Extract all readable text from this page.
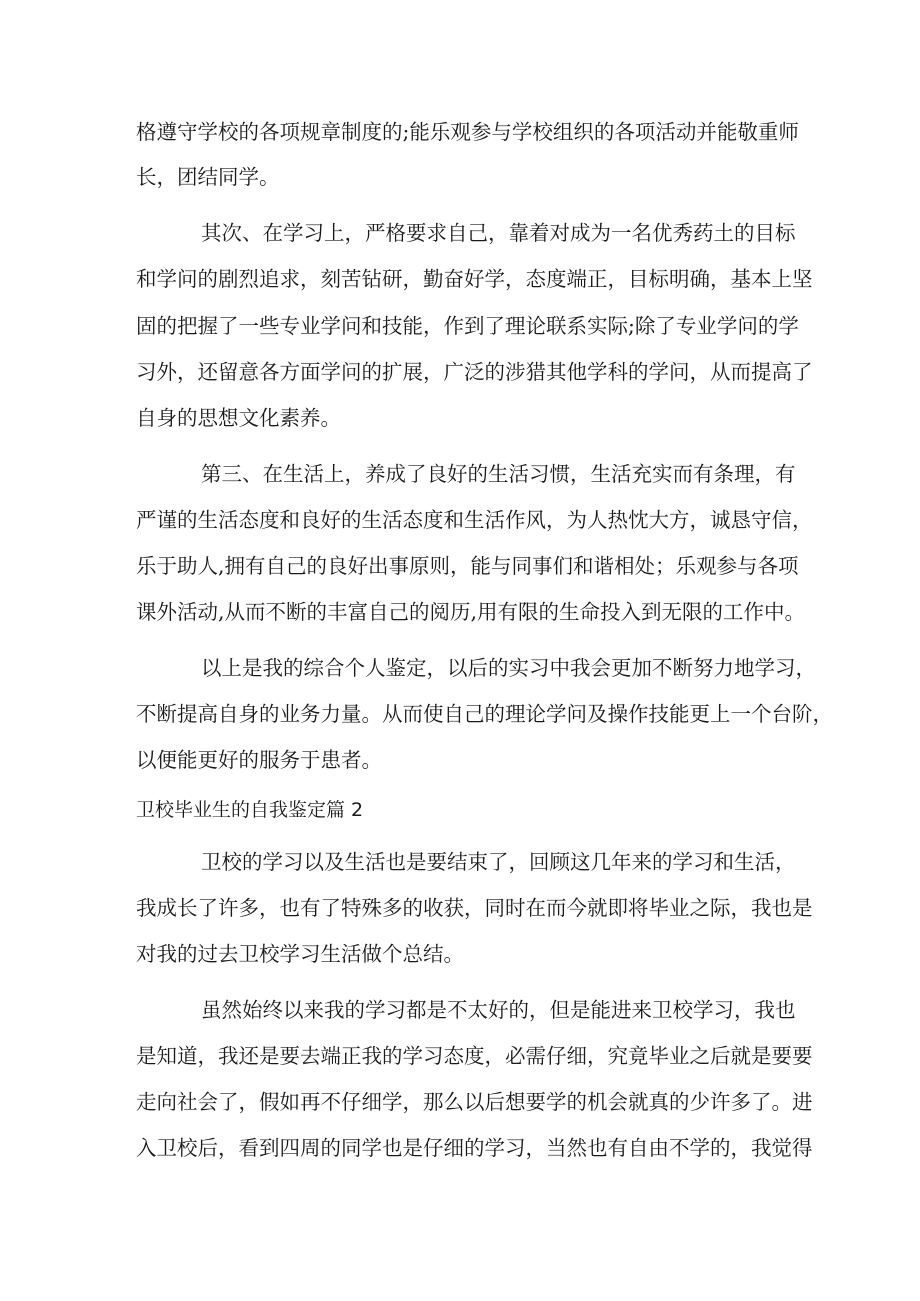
格遵守学校的各项规章制度的;能乐观参与学校组织的各项活动并能敬重师
长，团结同学。
其次、在学习上，严格要求自己，靠着对成为一名优秀药土的目标
和学问的剧烈追求，刻苦钻研，勤奋好学，态度端正，目标明确，基本上坚
固的把握了一些专业学问和技能，作到了理论联系实际;除了专业学问的学
习外，还留意各方面学问的扩展，广泛的涉猎其他学科的学问，从而提高了
自身的思想文化素养。
第三、在生活上，养成了良好的生活习惯，生活充实而有条理，有
严谨的生活态度和良好的生活态度和生活作风，为人热忱大方，诚恳守信，
乐于助人,拥有自己的良好出事原则，能与同事们和谐相处；乐观参与各项
课外活动,从而不断的丰富自己的阅历,用有限的生命投入到无限的工作中。
以上是我的综合个人鉴定，以后的实习中我会更加不断努力地学习，
不断提高自身的业务力量。从而使自己的理论学问及操作技能更上一个台阶，
以便能更好的服务于患者。
卫校毕业生的自我鉴定篇 2
卫校的学习以及生活也是要结束了，回顾这几年来的学习和生活，
我成长了许多，也有了特殊多的收获，同时在而今就即将毕业之际，我也是
对我的过去卫校学习生活做个总结。
虽然始终以来我的学习都是不太好的，但是能进来卫校学习，我也
是知道，我还是要去端正我的学习态度，必需仔细，究竟毕业之后就是要要
走向社会了，假如再不仔细学，那么以后想要学的机会就真的少许多了。进
入卫校后，看到四周的同学也是仔细的学习，当然也有自由不学的，我觉得
